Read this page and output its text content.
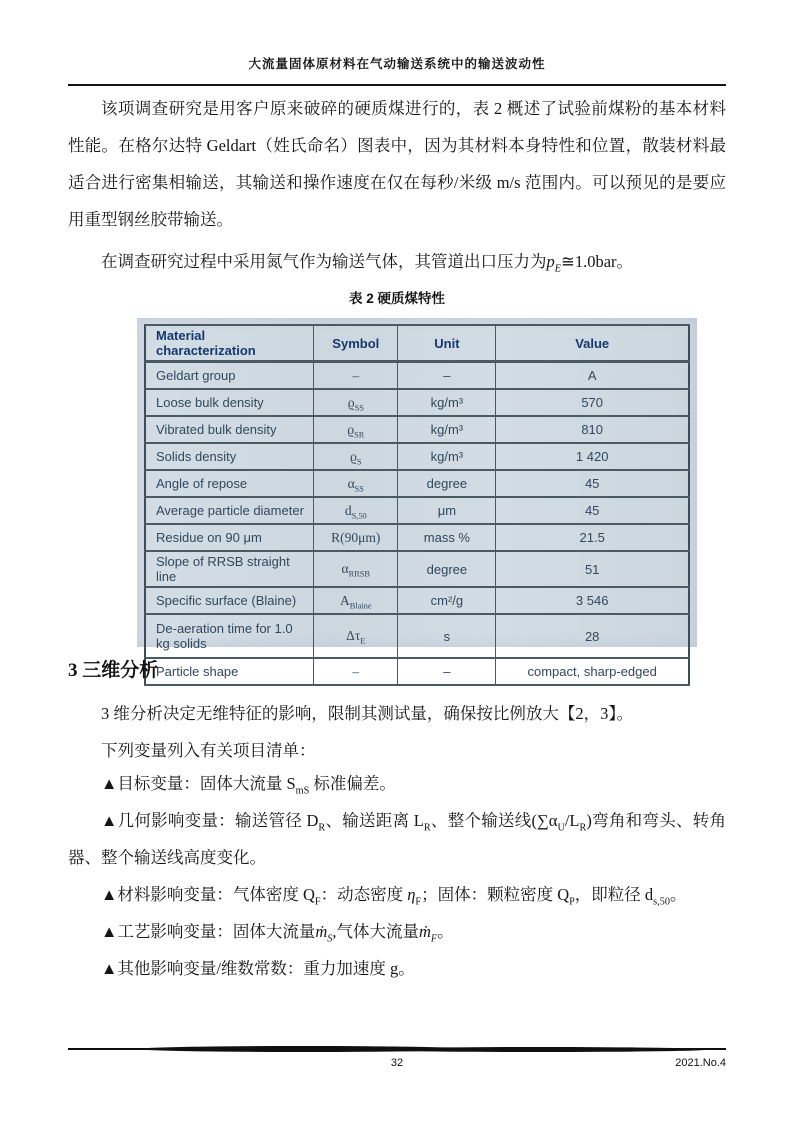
大流量固体原材料在气动输送系统中的输送波动性

该项调查研究是用客户原来破碎的硬质煤进行的，表 2 概述了试验前煤粉的基本材料性能。在格尔达特 Geldart（姓氏命名）图表中，因为其材料本身特性和位置，散装材料最适合进行密集相输送，其输送和操作速度在仅在每秒/米级 m/s 范围内。可以预见的是要应用重型钢丝胶带输送。

在调查研究过程中采用氮气作为输送气体，其管道出口压力为$p_E≅1.0bar$。

表 2 硬质煤特性
Material characterization	Symbol	Unit	Value
Geldart group	–	–	A
Loose bulk density	$ϱ_{SS}$	kg/m³	570
Vibrated bulk density	$ϱ_{SR}$	kg/m³	810
Solids density	$ϱ_S$	kg/m³	1 420
Angle of repose	$\alpha_{SS}$	degree	45
Average particle diameter	$d_{S,50}$	μm	45
Residue on 90 μm	R(90μm)	mass %	21.5
Slope of RRSB straight line	$\alpha_{RRSB}$	degree	51
Specific surface (Blaine)	$A_{Blaine}$	cm²/g	3 546
De-aeration time for 1.0 kg solids	$\Delta\tau_E$	s	28
Particle shape	–	–	compact, sharp-edged
3 三维分析

3 维分析决定无维特征的影响，限制其测试量，确保按比例放大【2，3】。

下列变量列入有关项目清单：

▲目标变量：固体大流量 $S_{mS}$ 标准偏差。

▲几何影响变量：输送管径 $D_R$、输送距离 $L_R$、整个输送线$(\sum\alpha_U/L_R)$弯角和弯头、转角器、整个输送线高度变化。

▲材料影响变量：气体密度 $Q_F$：动态密度 $\eta_F$；固体：颗粒密度 $Q_P$，即粒径 $d_{s,50}$。

▲工艺影响变量：固体大流量ṁ$_S$,气体大流量ṁ$_F$。

▲其他影响变量/维数常数：重力加速度 g。

32	2021.No.4
